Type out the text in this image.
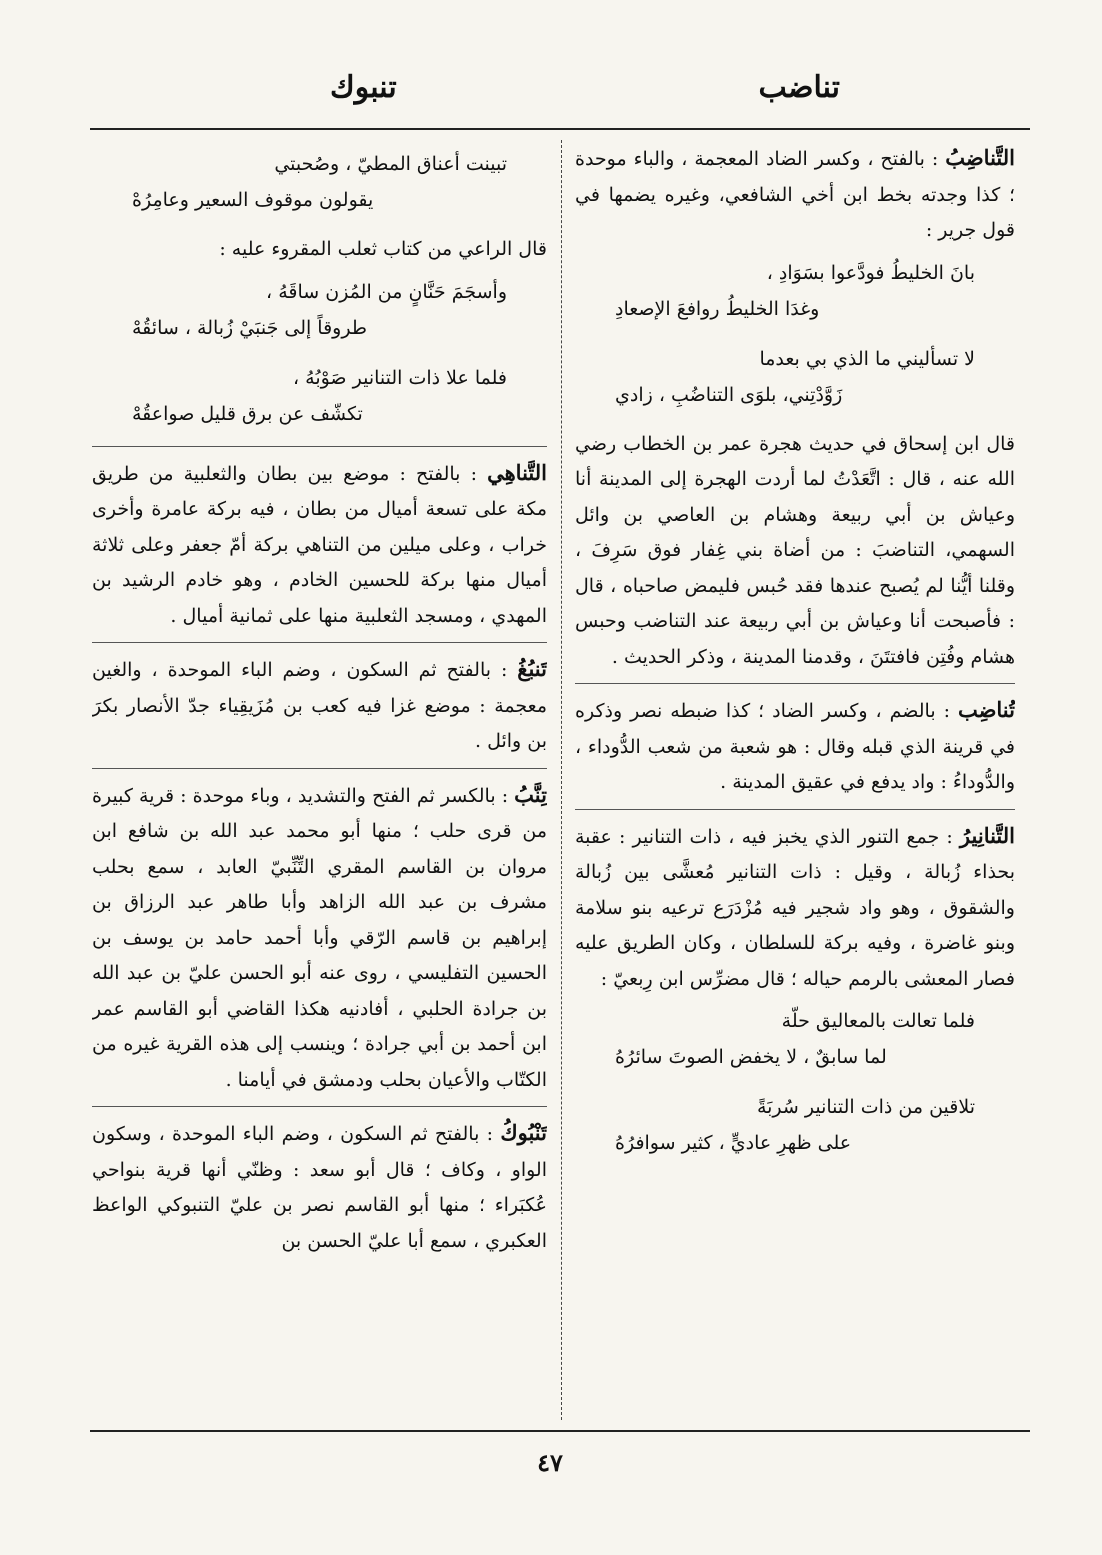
تناضب
تنبوك

التَّناضِبُ : بالفتح ، وكسر الضاد المعجمة ، والباء موحدة ؛ كذا وجدته بخط ابن أخي الشافعي، وغيره يضمها في قول جرير :

بانَ الخليطُ فودَّعوا بسَوَادِ ،
وغدَا الخليطُ روافعَ الإصعادِ
لا تسأليني ما الذي بي بعدما
زَوَّدْتِني، بلوَى التناضُبِ ، زادي

قال ابن إسحاق في حديث هجرة عمر بن الخطاب رضي الله عنه ، قال : اتَّعَدْتُ لما أردت الهجرة إلى المدينة أنا وعياش بن أبي ربيعة وهشام بن العاصي بن وائل السهمي، التناضبَ : من أضاة بني غِفار فوق سَرِفَ ، وقلنا أيُّنا لم يُصبح عندها فقد حُبس فليمض صاحباه ، قال : فأصبحت أنا وعياش بن أبي ربيعة عند التناضب وحبس هشام وفُتِن فافتتَنَ ، وقدمنا المدينة ، وذكر الحديث .

تُناضِب : بالضم ، وكسر الضاد ؛ كذا ضبطه نصر وذكره في قرينة الذي قبله وقال : هو شعبة من شعب الدُّوداء ، والدُّوداءُ : واد يدفع في عقيق المدينة .

التَّنانِيرُ : جمع التنور الذي يخبز فيه ، ذات التنانير : عقبة بحذاء زُبالة ، وقيل : ذات التنانير مُعشَّى بين زُبالة والشقوق ، وهو واد شجير فيه مُزْدَرَع ترعيه بنو سلامة وبنو غاضرة ، وفيه بركة للسلطان ، وكان الطريق عليه فصار المعشى بالرمم حياله ؛ قال مضرِّس ابن رِبعيّ :

فلما تعالت بالمعاليق حلّة
لما سابقٌ ، لا يخفض الصوتَ سائرُهُ
تلاقين من ذات التنانير سُربَةً
على ظهرِ عاديٍّ ، كثير سوافرُهُ
تبينت أعناق المطيّ ، وصُحبتي
يقولون موقوف السعير وعامِرُهْ

قال الراعي من كتاب ثعلب المقروء عليه :

وأسجَمَ حَنَّانٍ من المُزن ساقَهُ ،
طروقاً إلى جَنبَيْ زُبالة ، سائقُهْ
فلما علا ذات التنانير صَوْبُهُ ،
تكشّف عن برق قليل صواعقُهْ

التَّناهِي : بالفتح : موضع بين بطان والثعلبية من طريق مكة على تسعة أميال من بطان ، فيه بركة عامرة وأخرى خراب ، وعلى ميلين من التناهي بركة أمّ جعفر وعلى ثلاثة أميال منها بركة للحسين الخادم ، وهو خادم الرشيد بن المهدي ، ومسجد الثعلبية منها على ثمانية أميال .

تَنبُغُ : بالفتح ثم السكون ، وضم الباء الموحدة ، والغين معجمة : موضع غزا فيه كعب بن مُزَيقِياء جدّ الأنصار بكرَ بن وائل .

تِنَّبُ : بالكسر ثم الفتح والتشديد ، وباء موحدة : قرية كبيرة من قرى حلب ؛ منها أبو محمد عبد الله بن شافع ابن مروان بن القاسم المقري التِّنِّبيّ العابد ، سمع بحلب مشرف بن عبد الله الزاهد وأبا طاهر عبد الرزاق بن إبراهيم بن قاسم الرّقي وأبا أحمد حامد بن يوسف بن الحسين التفليسي ، روى عنه أبو الحسن عليّ بن عبد الله بن جرادة الحلبي ، أفادنيه هكذا القاضي أبو القاسم عمر ابن أحمد بن أبي جرادة ؛ وينسب إلى هذه القرية غيره من الكتّاب والأعيان بحلب ودمشق في أيامنا .

تَنْبُوكُ : بالفتح ثم السكون ، وضم الباء الموحدة ، وسكون الواو ، وكاف ؛ قال أبو سعد : وظنّي أنها قرية بنواحي عُكبَراء ؛ منها أبو القاسم نصر بن عليّ التنبوكي الواعظ العكبري ، سمع أبا عليّ الحسن بن

٤٧
